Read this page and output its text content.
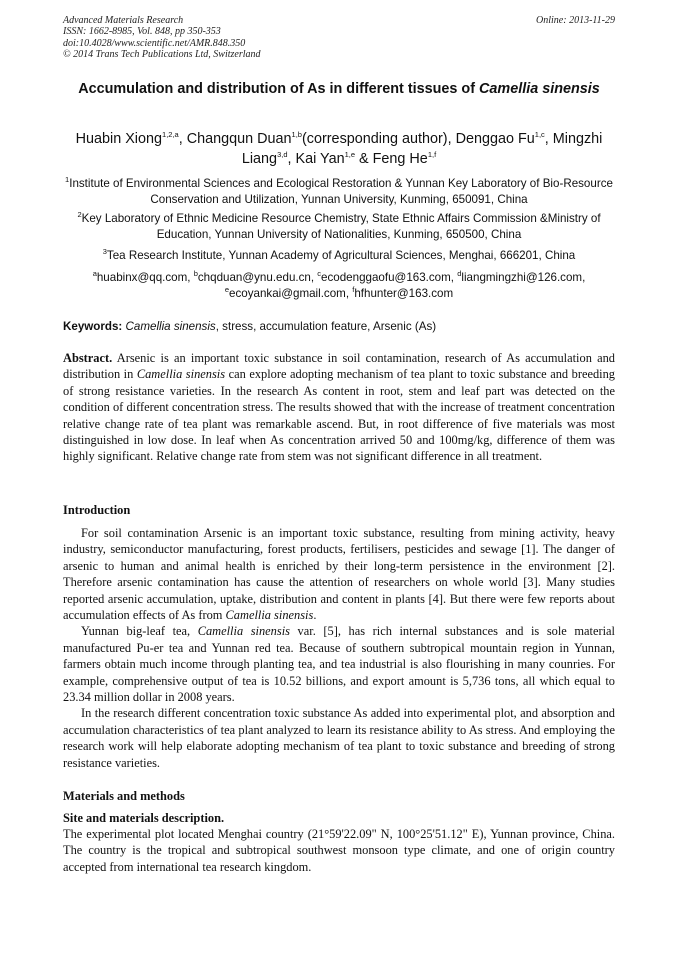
Advanced Materials Research
ISSN: 1662-8985, Vol. 848, pp 350-353
doi:10.4028/www.scientific.net/AMR.848.350
© 2014 Trans Tech Publications Ltd, Switzerland
Online: 2013-11-29
Accumulation and distribution of As in different tissues of Camellia sinensis
Huabin Xiong$^{1,2,a}$, Changqun Duan$^{1,b}$(corresponding author), Denggao Fu$^{1,c}$, Mingzhi Liang$^{3,d}$, Kai Yan$^{1,e}$ & Feng He$^{1,f}$
$^1$Institute of Environmental Sciences and Ecological Restoration & Yunnan Key Laboratory of Bio-Resource Conservation and Utilization, Yunnan University, Kunming, 650091, China
$^2$Key Laboratory of Ethnic Medicine Resource Chemistry, State Ethnic Affairs Commission &Ministry of Education, Yunnan University of Nationalities, Kunming, 650500, China
$^3$Tea Research Institute, Yunnan Academy of Agricultural Sciences, Menghai, 666201, China
$^a$huabinx@qq.com, $^b$chqduan@ynu.edu.cn, $^c$ecodenggaofu@163.com, $^d$liangmingzhi@126.com,
$^e$ecoyankai@gmail.com, $^f$hfhunter@163.com
Keywords: Camellia sinensis, stress, accumulation feature, Arsenic (As)

Abstract. Arsenic is an important toxic substance in soil contamination, research of As accumulation and distribution in Camellia sinensis can explore adopting mechanism of tea plant to toxic substance and breeding of strong resistance varieties. In the research As content in root, stem and leaf part was detected on the condition of different concentration stress. The results showed that with the increase of treatment concentration relative change rate of tea plant was remarkable ascend. But, in root difference of five materials was most distinguished in low dose. In leaf when As concentration arrived 50 and 100mg/kg, difference of them was highly significant. Relative change rate from stem was not significant difference in all treatment.

Introduction

For soil contamination Arsenic is an important toxic substance, resulting from mining activity, heavy industry, semiconductor manufacturing, forest products, fertilisers, pesticides and sewage [1]. The danger of arsenic to human and animal health is enriched by their long-term persistence in the environment [2]. Therefore arsenic contamination has cause the attention of researchers on whole world [3]. Many studies reported arsenic accumulation, uptake, distribution and content in plants [4]. But there were few reports about accumulation effects of As from Camellia sinensis.

Yunnan big-leaf tea, Camellia sinensis var. [5], has rich internal substances and is sole material manufactured Pu-er tea and Yunnan red tea. Because of southern subtropical mountain region in Yunnan, farmers obtain much income through planting tea, and tea industrial is also flourishing in many counries. For example, comprehensive output of tea is 10.52 billions, and export amount is 5,736 tons, all which equal to 23.34 million dollar in 2008 years.

In the research different concentration toxic substance As added into experimental plot, and absorption and accumulation characteristics of tea plant analyzed to learn its resistance ability to As stress. And employing the research work will help elaborate adopting mechanism of tea plant to toxic substance and breeding of strong resistance varieties.

Materials and methods
Site and materials description.

The experimental plot located Menghai country (21°59'22.09" N, 100°25'51.12" E), Yunnan province, China. The country is the tropical and subtropical southwest monsoon type climate, and one of origin country accepted from international tea research kingdom.
